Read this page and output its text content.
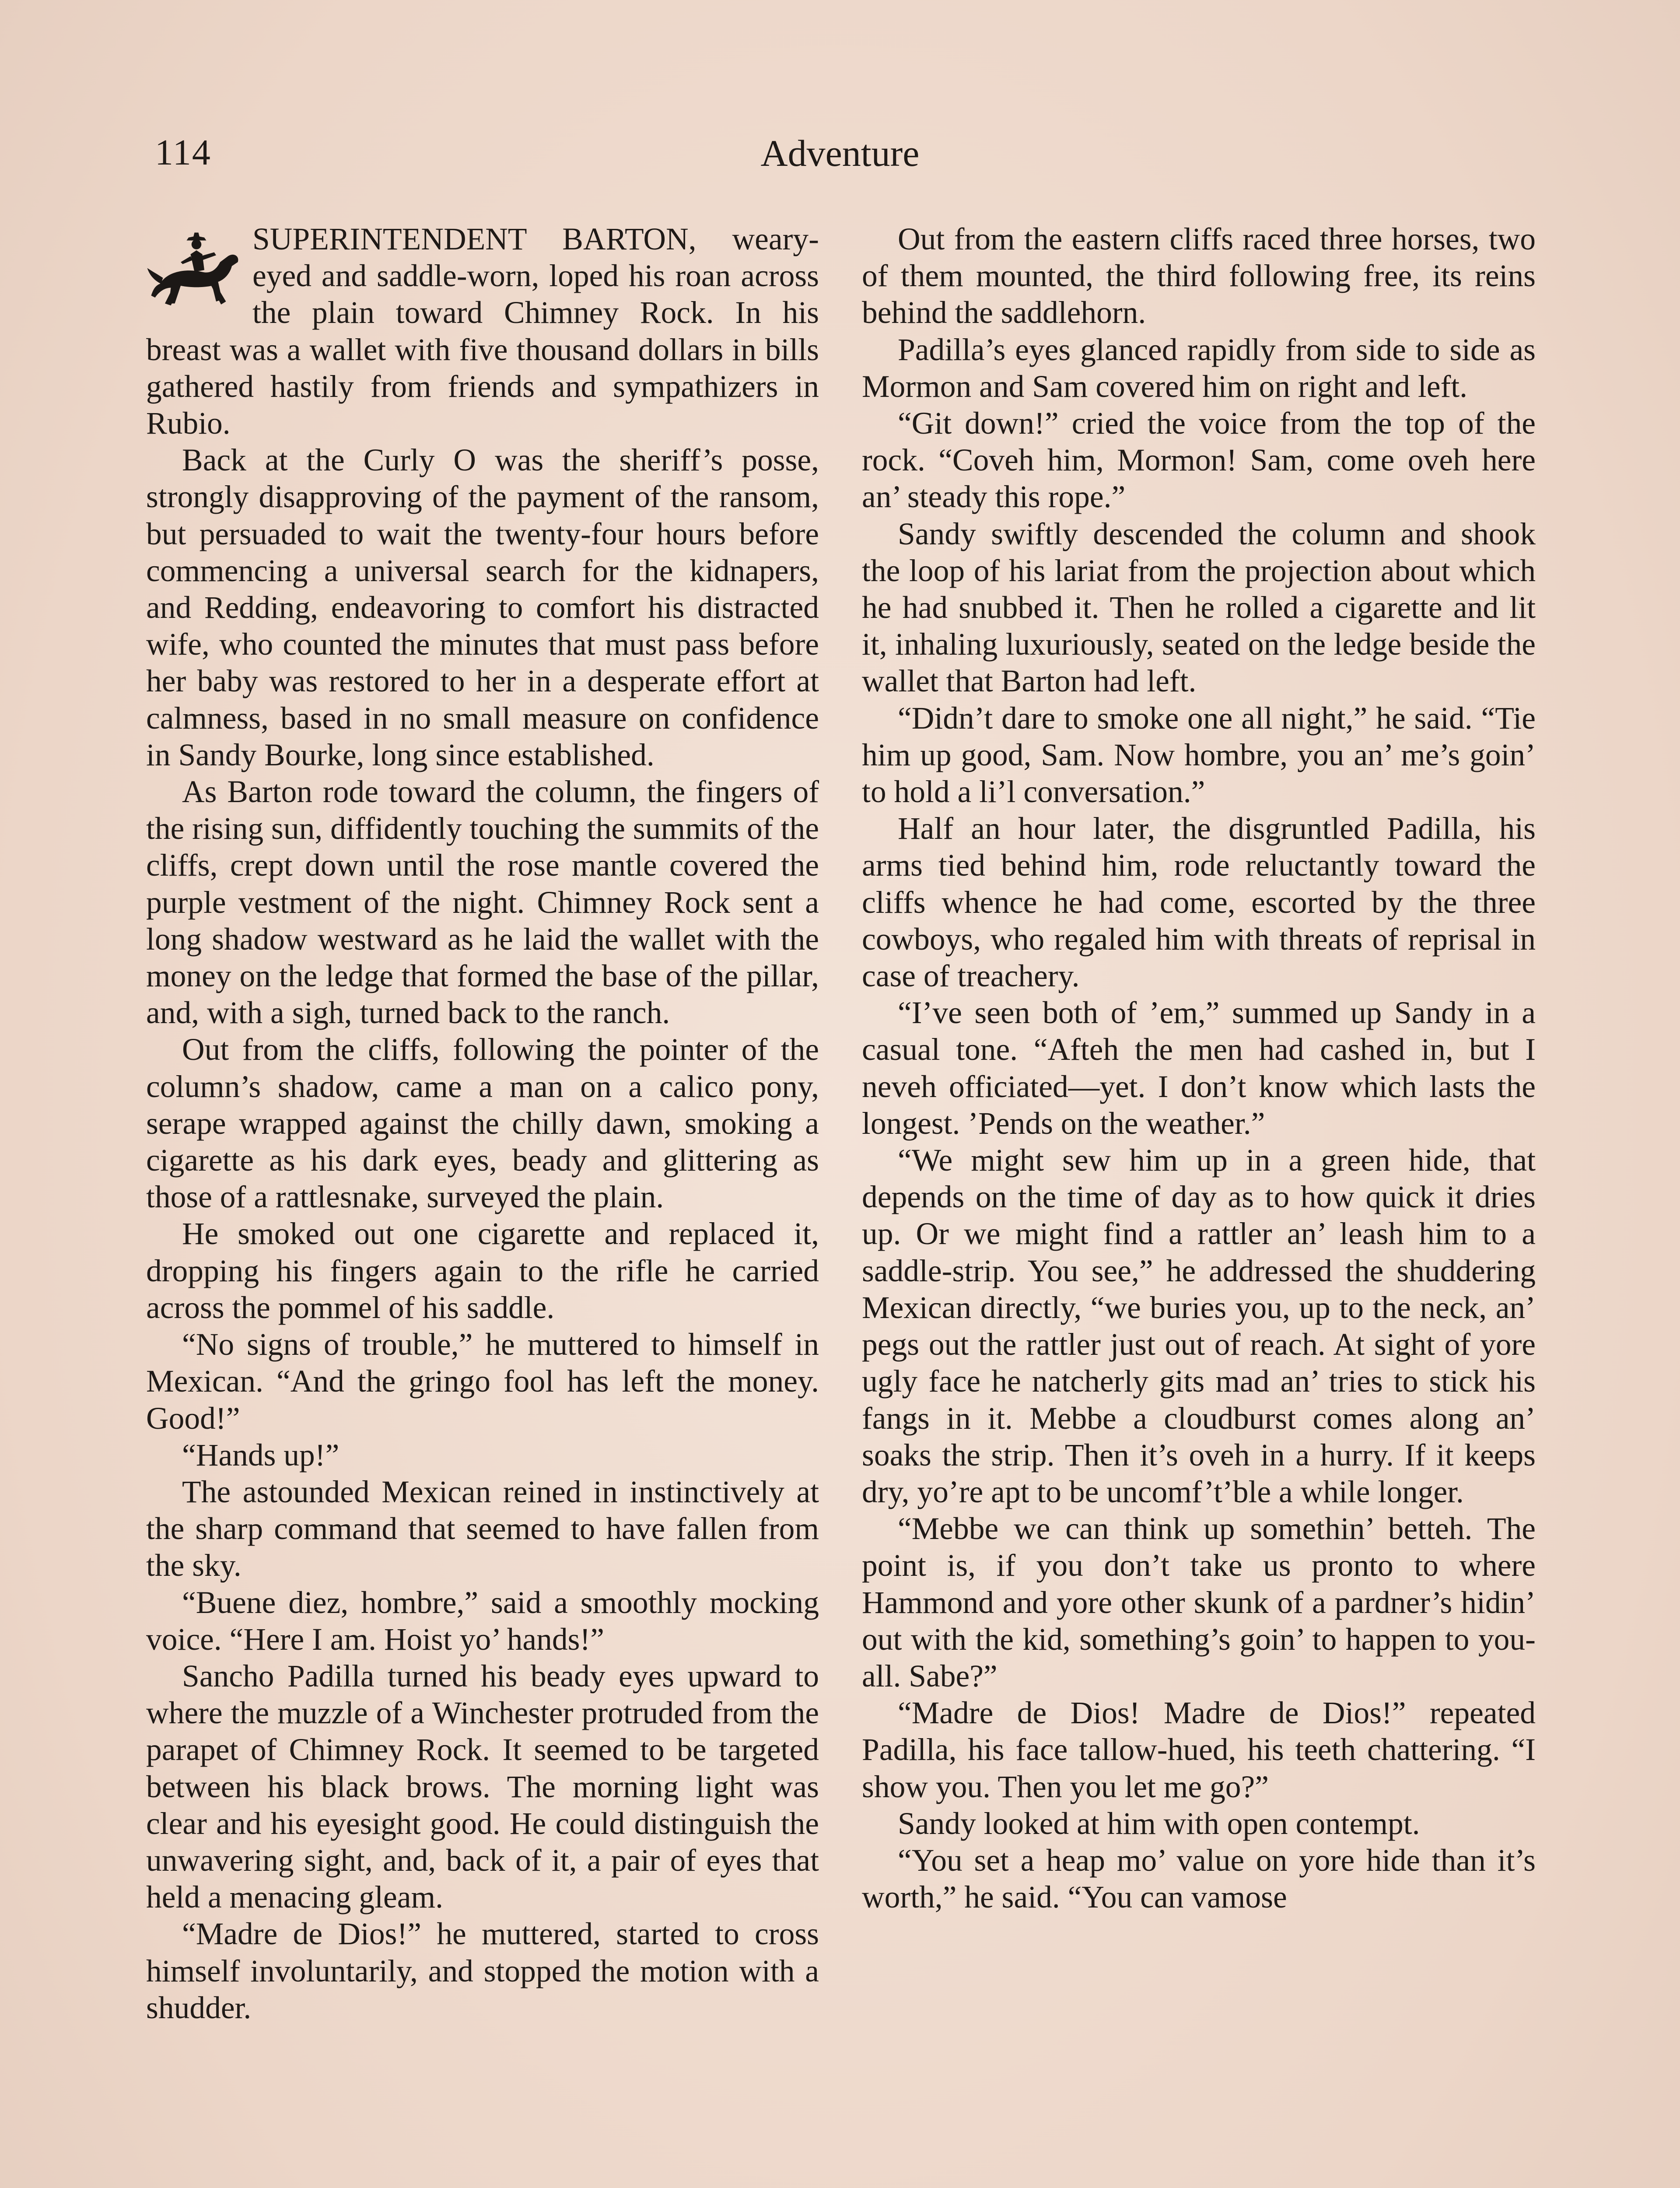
114	Adventure

SUPERINTENDENT BARTON, weary-eyed and saddle-worn, loped his roan across the plain toward Chimney Rock. In his breast was a wallet with five thousand dollars in bills gathered hastily from friends and sympathizers in Rubio.

Back at the Curly O was the sheriff’s posse, strongly disapproving of the payment of the ransom, but persuaded to wait the twenty-four hours before commencing a universal search for the kidnapers, and Redding, endeavoring to comfort his distracted wife, who counted the minutes that must pass before her baby was restored to her in a desperate effort at calmness, based in no small measure on confidence in Sandy Bourke, long since established.

As Barton rode toward the column, the fingers of the rising sun, diffidently touching the summits of the cliffs, crept down until the rose mantle covered the purple vestment of the night. Chimney Rock sent a long shadow westward as he laid the wallet with the money on the ledge that formed the base of the pillar, and, with a sigh, turned back to the ranch.

Out from the cliffs, following the pointer of the column’s shadow, came a man on a calico pony, serape wrapped against the chilly dawn, smoking a cigarette as his dark eyes, beady and glittering as those of a rattlesnake, surveyed the plain.

He smoked out one cigarette and replaced it, dropping his fingers again to the rifle he carried across the pommel of his saddle.

“No signs of trouble,” he muttered to himself in Mexican. “And the gringo fool has left the money. Good!”

“Hands up!”

The astounded Mexican reined in instinctively at the sharp command that seemed to have fallen from the sky.

“Buene diez, hombre,” said a smoothly mocking voice. “Here I am. Hoist yo’ hands!”

Sancho Padilla turned his beady eyes upward to where the muzzle of a Winchester protruded from the parapet of Chimney Rock. It seemed to be targeted between his black brows. The morning light was clear and his eyesight good. He could distinguish the unwavering sight, and, back of it, a pair of eyes that held a menacing gleam.

“Madre de Dios!” he muttered, started to cross himself involuntarily, and stopped the motion with a shudder.

Out from the eastern cliffs raced three horses, two of them mounted, the third following free, its reins behind the saddlehorn.

Padilla’s eyes glanced rapidly from side to side as Mormon and Sam covered him on right and left.

“Git down!” cried the voice from the top of the rock. “Coveh him, Mormon! Sam, come oveh here an’ steady this rope.”

Sandy swiftly descended the column and shook the loop of his lariat from the projection about which he had snubbed it. Then he rolled a cigarette and lit it, inhaling luxuriously, seated on the ledge beside the wallet that Barton had left.

“Didn’t dare to smoke one all night,” he said. “Tie him up good, Sam. Now hombre, you an’ me’s goin’ to hold a li’l conversation.”

Half an hour later, the disgruntled Padilla, his arms tied behind him, rode reluctantly toward the cliffs whence he had come, escorted by the three cowboys, who regaled him with threats of reprisal in case of treachery.

“I’ve seen both of ’em,” summed up Sandy in a casual tone. “Afteh the men had cashed in, but I neveh officiated—yet. I don’t know which lasts the longest. ’Pends on the weather.”

“We might sew him up in a green hide, that depends on the time of day as to how quick it dries up. Or we might find a rattler an’ leash him to a saddle-strip. You see,” he addressed the shuddering Mexican directly, “we buries you, up to the neck, an’ pegs out the rattler just out of reach. At sight of yore ugly face he natcherly gits mad an’ tries to stick his fangs in it. Mebbe a cloudburst comes along an’ soaks the strip. Then it’s oveh in a hurry. If it keeps dry, yo’re apt to be uncomf’t’ble a while longer.

“Mebbe we can think up somethin’ betteh. The point is, if you don’t take us pronto to where Hammond and yore other skunk of a pardner’s hidin’ out with the kid, something’s goin’ to happen to you-all. Sabe?”

“Madre de Dios! Madre de Dios!” repeated Padilla, his face tallow-hued, his teeth chattering. “I show you. Then you let me go?”

Sandy looked at him with open contempt.

“You set a heap mo’ value on yore hide than it’s worth,” he said. “You can vamose
